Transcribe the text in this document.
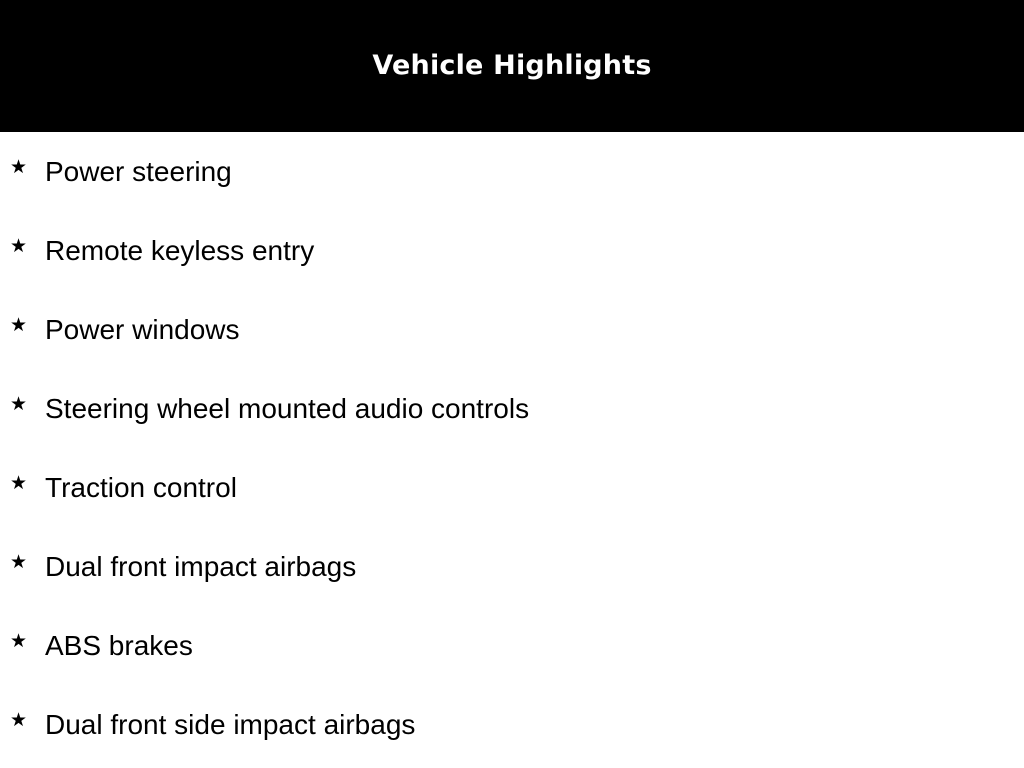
Vehicle Highlights
★ Power steering
★ Remote keyless entry
★ Power windows
★ Steering wheel mounted audio controls
★ Traction control
★ Dual front impact airbags
★ ABS brakes
★ Dual front side impact airbags
